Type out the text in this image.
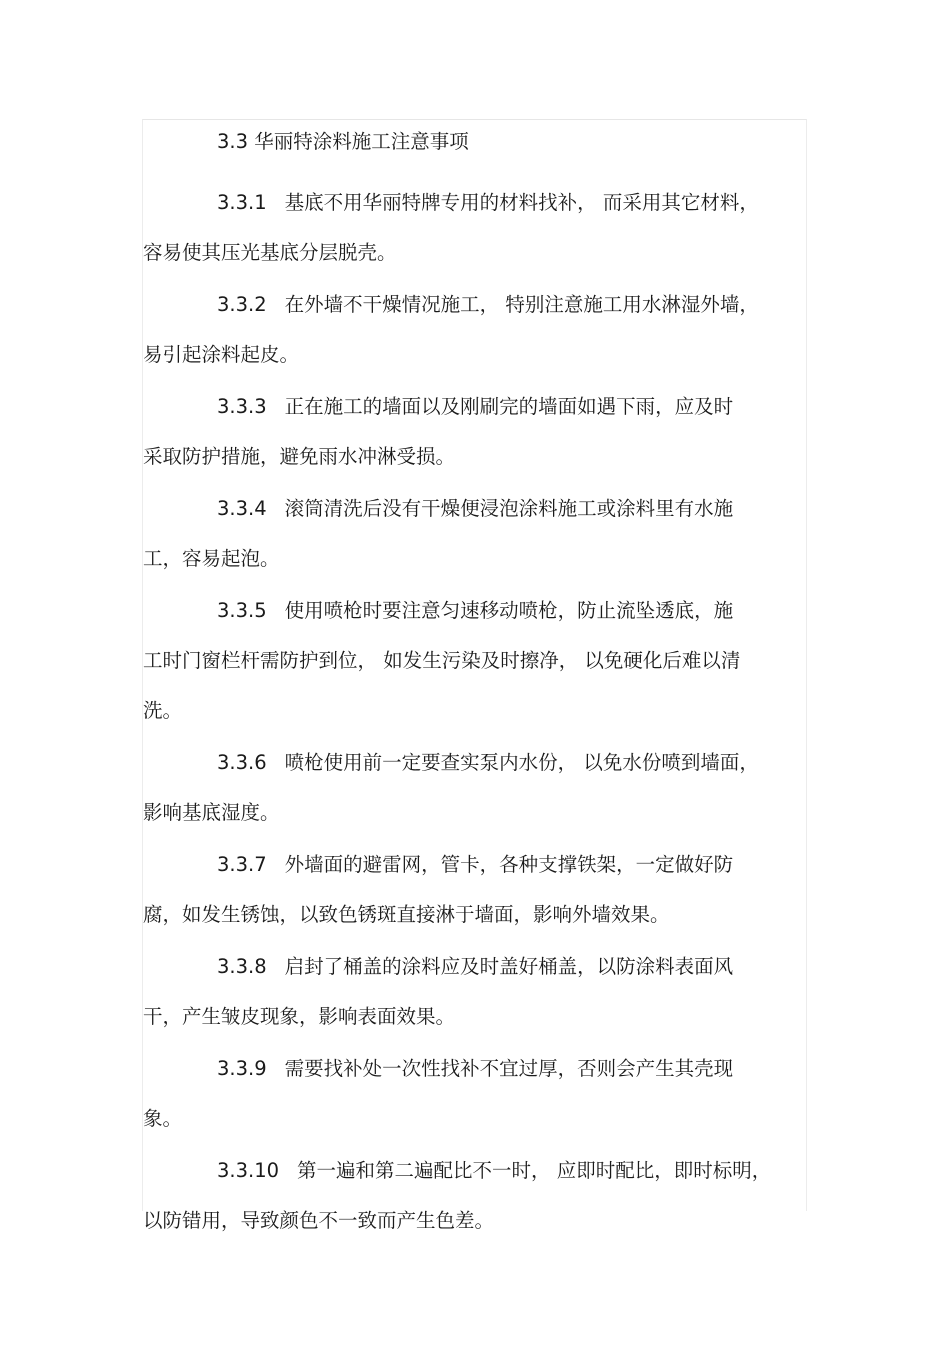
3.3 华丽特涂料施工注意事项

3.3.1 基底不用华丽特牌专用的材料找补， 而采用其它材料，
容易使其压光基底分层脱壳。
3.3.2 在外墙不干燥情况施工， 特别注意施工用水淋湿外墙，
易引起涂料起皮。
3.3.3 正在施工的墙面以及刚刷完的墙面如遇下雨，应及时
采取防护措施，避免雨水冲淋受损。
3.3.4 滚筒清洗后没有干燥便浸泡涂料施工或涂料里有水施
工，容易起泡。
3.3.5 使用喷枪时要注意匀速移动喷枪，防止流坠透底，施
工时门窗栏杆需防护到位， 如发生污染及时擦净， 以免硬化后难以清
洗。
3.3.6 喷枪使用前一定要查实泵内水份， 以免水份喷到墙面，
影响基底湿度。
3.3.7 外墙面的避雷网，管卡，各种支撑铁架，一定做好防
腐，如发生锈蚀，以致色锈斑直接淋于墙面，影响外墙效果。
3.3.8 启封了桶盖的涂料应及时盖好桶盖，以防涂料表面风
干，产生皱皮现象，影响表面效果。
3.3.9 需要找补处一次性找补不宜过厚，否则会产生其壳现
象。
3.3.10 第一遍和第二遍配比不一时， 应即时配比，即时标明，
以防错用，导致颜色不一致而产生色差。
